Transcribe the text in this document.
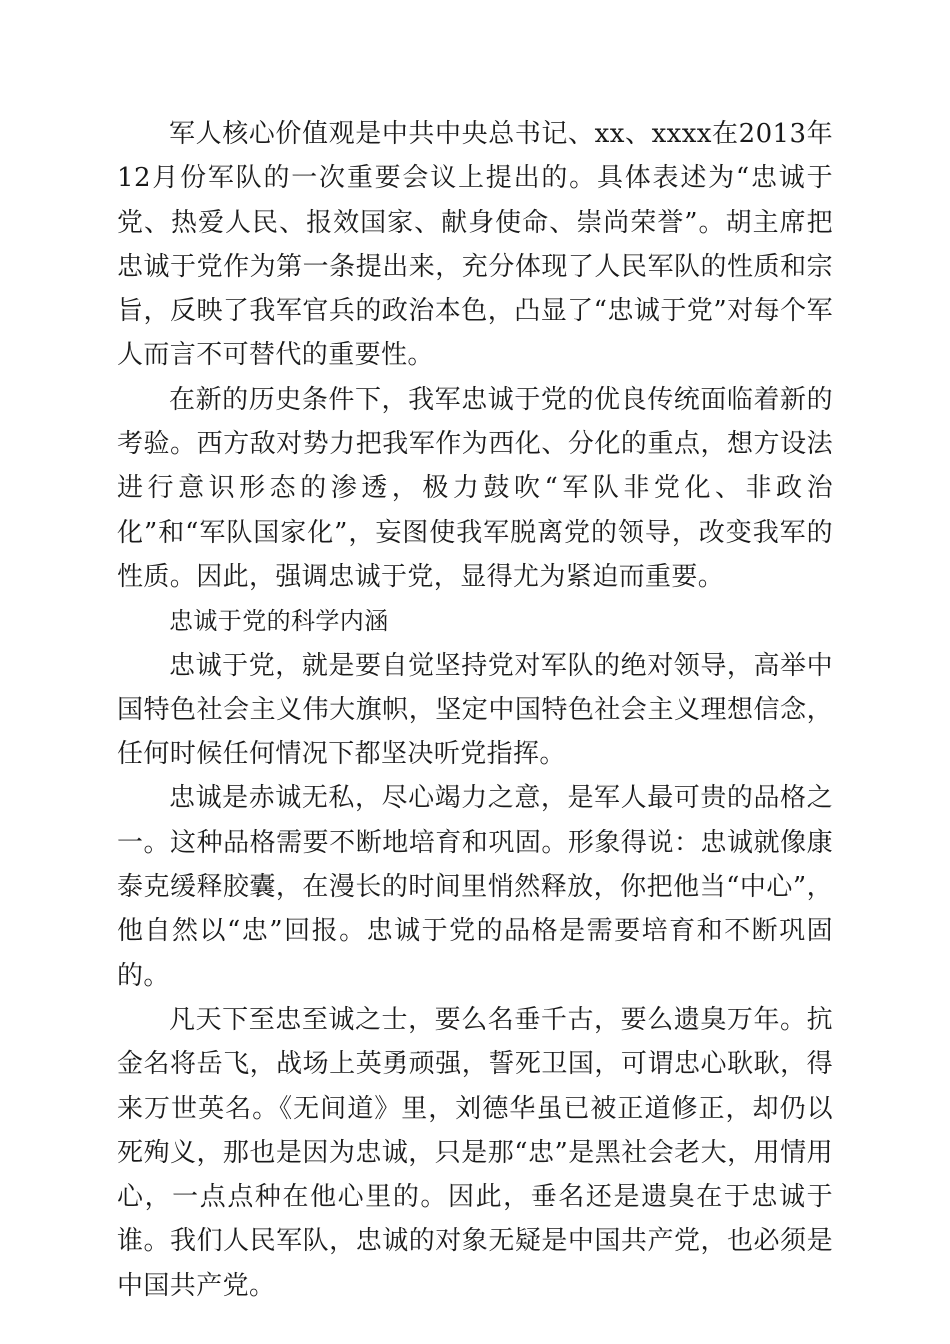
军人核心价值观是中共中央总书记、xx、xxxx在2013年12月份军队的一次重要会议上提出的。具体表述为“忠诚于党、热爱人民、报效国家、献身使命、崇尚荣誉”。胡主席把忠诚于党作为第一条提出来，充分体现了人民军队的性质和宗旨，反映了我军官兵的政治本色，凸显了“忠诚于党”对每个军人而言不可替代的重要性。

在新的历史条件下，我军忠诚于党的优良传统面临着新的考验。西方敌对势力把我军作为西化、分化的重点，想方设法进行意识形态的渗透，极力鼓吹“军队非党化、非政治化”和“军队国家化”，妄图使我军脱离党的领导，改变我军的性质。因此，强调忠诚于党，显得尤为紧迫而重要。

忠诚于党的科学内涵

忠诚于党，就是要自觉坚持党对军队的绝对领导，高举中国特色社会主义伟大旗帜，坚定中国特色社会主义理想信念，任何时候任何情况下都坚决听党指挥。

忠诚是赤诚无私，尽心竭力之意，是军人最可贵的品格之一。这种品格需要不断地培育和巩固。形象得说：忠诚就像康泰克缓释胶囊，在漫长的时间里悄然释放，你把他当“中心”，他自然以“忠”回报。忠诚于党的品格是需要培育和不断巩固的。

凡天下至忠至诚之士，要么名垂千古，要么遗臭万年。抗金名将岳飞，战场上英勇顽强，誓死卫国，可谓忠心耿耿，得来万世英名。《无间道》里，刘德华虽已被正道修正，却仍以死殉义，那也是因为忠诚，只是那“忠”是黑社会老大，用情用心，一点点种在他心里的。因此，垂名还是遗臭在于忠诚于谁。我们人民军队，忠诚的对象无疑是中国共产党，也必须是中国共产党。
